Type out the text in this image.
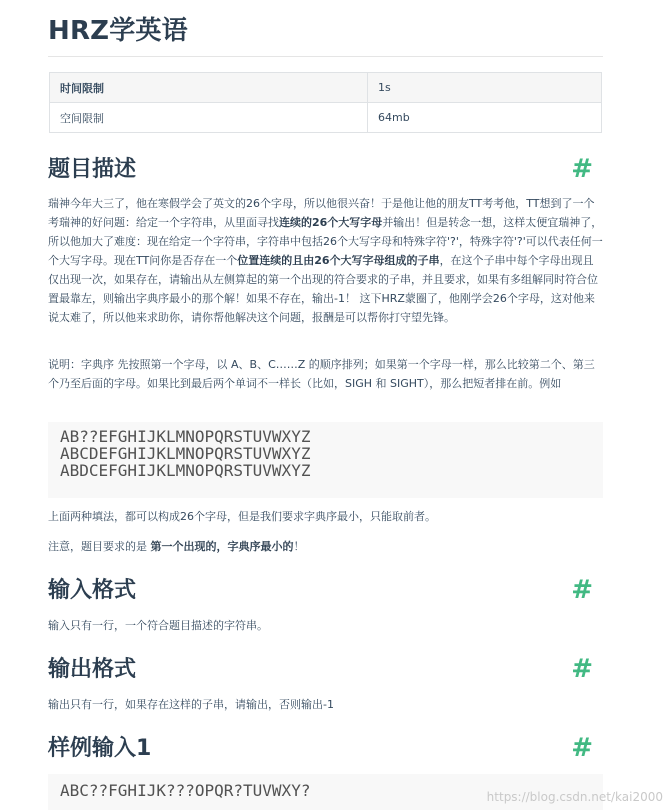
HRZ学英语
时间限制	1s
空间限制	64mb
题目描述	#

瑞神今年大三了，他在寒假学会了英文的26个字母，所以他很兴奋！于是他让他的朋友TT考考他，TT想到了一个考瑞神的好问题：给定一个字符串，从里面寻找连续的26个大写字母并输出！但是转念一想，这样太便宜瑞神了，所以他加大了难度：现在给定一个字符串，字符串中包括26个大写字母和特殊字符'?'，特殊字符'?'可以代表任何一个大写字母。现在TT问你是否存在一个位置连续的且由26个大写字母组成的子串，在这个子串中每个字母出现且仅出现一次，如果存在，请输出从左侧算起的第一个出现的符合要求的子串，并且要求，如果有多组解同时符合位置最靠左，则输出字典序最小的那个解！如果不存在，输出-1！ 这下HRZ蒙圈了，他刚学会26个字母，这对他来说太难了，所以他来求助你，请你帮他解决这个问题，报酬是可以帮你打守望先锋。

说明：字典序 先按照第一个字母，以 A、B、C……Z 的顺序排列；如果第一个字母一样，那么比较第二个、第三个乃至后面的字母。如果比到最后两个单词不一样长（比如，SIGH 和 SIGHT），那么把短者排在前。例如

AB??EFGHIJKLMNOPQRSTUVWXYZ
ABCDEFGHIJKLMNOPQRSTUVWXYZ
ABDCEFGHIJKLMNOPQRSTUVWXYZ

上面两种填法，都可以构成26个字母，但是我们要求字典序最小，只能取前者。

注意，题目要求的是 第一个出现的，字典序最小的！

输入格式	#

输入只有一行，一个符合题目描述的字符串。

输出格式	#

输出只有一行，如果存在这样的子串，请输出，否则输出-1

样例输入1	#
ABC??FGHIJK???OPQR?TUVWXY?	https://blog.csdn.net/kai2000
